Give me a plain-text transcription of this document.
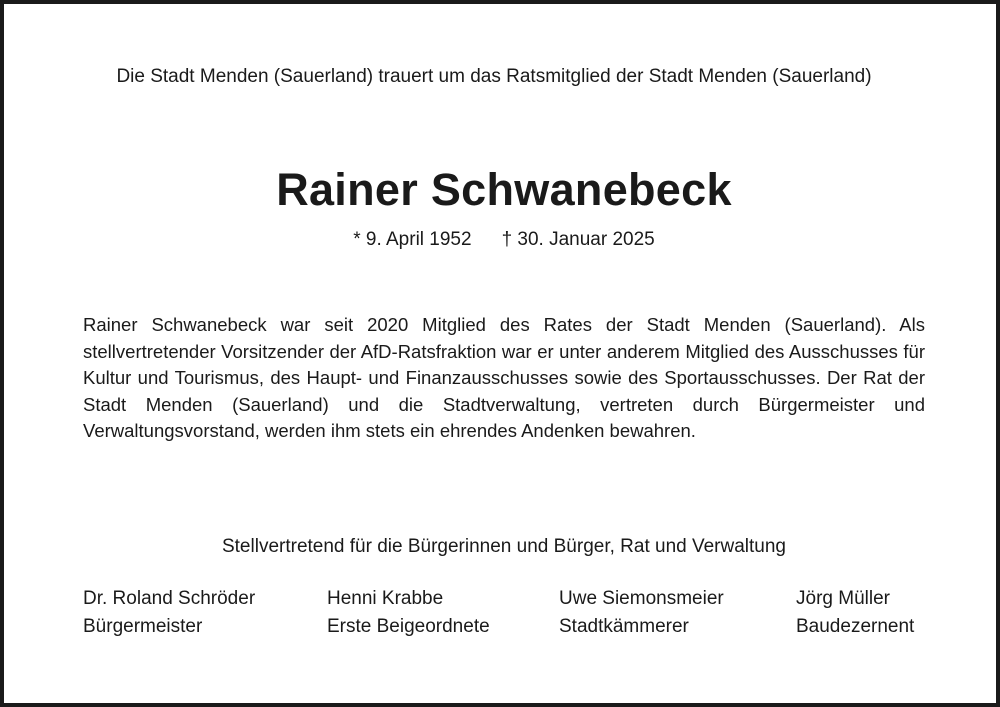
Die Stadt Menden (Sauerland) trauert um das Ratsmitglied der Stadt Menden (Sauerland)
Rainer Schwanebeck
* 9. April 1952 † 30. Januar 2025

Rainer Schwanebeck war seit 2020 Mitglied des Rates der Stadt Menden (Sauerland). Als stellvertretender Vorsitzender der AfD-Ratsfraktion war er unter anderem Mitglied des Ausschusses für Kultur und Tourismus, des Haupt- und Finanzausschusses sowie des Sportausschusses. Der Rat der Stadt Menden (Sauerland) und die Stadtverwaltung, vertreten durch Bürgermeister und Verwaltungsvorstand, werden ihm stets ein ehrendes Andenken bewahren.

Stellvertretend für die Bürgerinnen und Bürger, Rat und Verwaltung
Dr. Roland Schröder
Bürgermeister
Henni Krabbe
Erste Beigeordnete
Uwe Siemonsmeier
Stadtkämmerer
Jörg Müller
Baudezernent
